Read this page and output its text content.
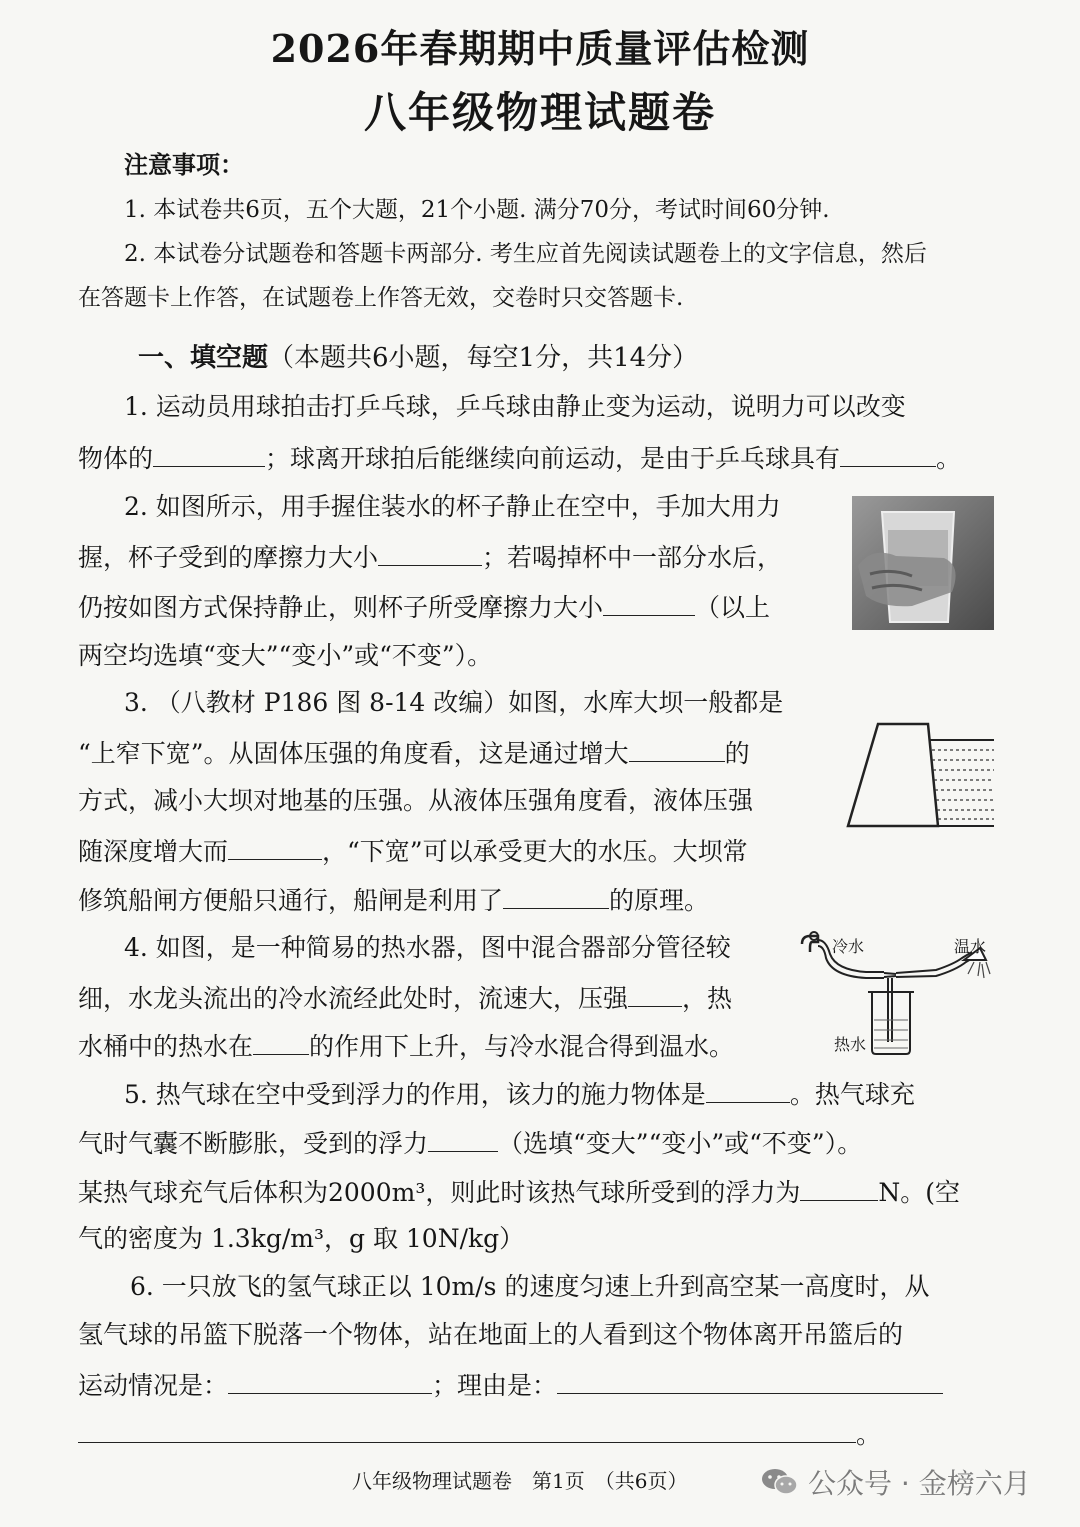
2026年春期期中质量评估检测
八年级物理试题卷
注意事项：
1. 本试卷共6页，五个大题，21个小题. 满分70分，考试时间60分钟.
2. 本试卷分试题卷和答题卡两部分. 考生应首先阅读试题卷上的文字信息，然后
在答题卡上作答，在试题卷上作答无效，交卷时只交答题卡.
一、填空题（本题共6小题，每空1分，共14分）
1. 运动员用球拍击打乒乓球，乒乓球由静止变为运动，说明力可以改变
物体的	；球离开球拍后能继续向前运动，是由于乒乓球具有	。
2. 如图所示，用手握住装水的杯子静止在空中，手加大用力
握，杯子受到的摩擦力大小	；若喝掉杯中一部分水后，
仍按如图方式保持静止，则杯子所受摩擦力大小	（以上
两空均选填“变大”“变小”或“不变”）。
3. （八教材 P186 图 8-14 改编）如图，水库大坝一般都是
“上窄下宽”。从固体压强的角度看，这是通过增大	的
方式，减小大坝对地基的压强。从液体压强角度看，液体压强
随深度增大而	，“下宽”可以承受更大的水压。大坝常
修筑船闸方便船只通行，船闸是利用了	的原理。
4. 如图，是一种简易的热水器，图中混合器部分管径较
细，水龙头流出的冷水流经此处时，流速大，压强 ，热
水桶中的热水在 的作用下上升，与冷水混合得到温水。
冷水	温水
热水
5. 热气球在空中受到浮力的作用，该力的施力物体是	。热气球充
气时气囊不断膨胀，受到的浮力	（选填“变大”“变小”或“不变”）。
某热气球充气后体积为2000m³，则此时该热气球所受到的浮力为	N。(空
气的密度为 1.3kg/m³，g 取 10N/kg）
6. 一只放飞的氢气球正以 10m/s 的速度匀速上升到高空某一高度时，从
氢气球的吊篮下脱落一个物体，站在地面上的人看到这个物体离开吊篮后的
运动情况是：	；理由是：
。
八年级物理试题卷　第1页　（共6页）	公众号 · 金榜六月
